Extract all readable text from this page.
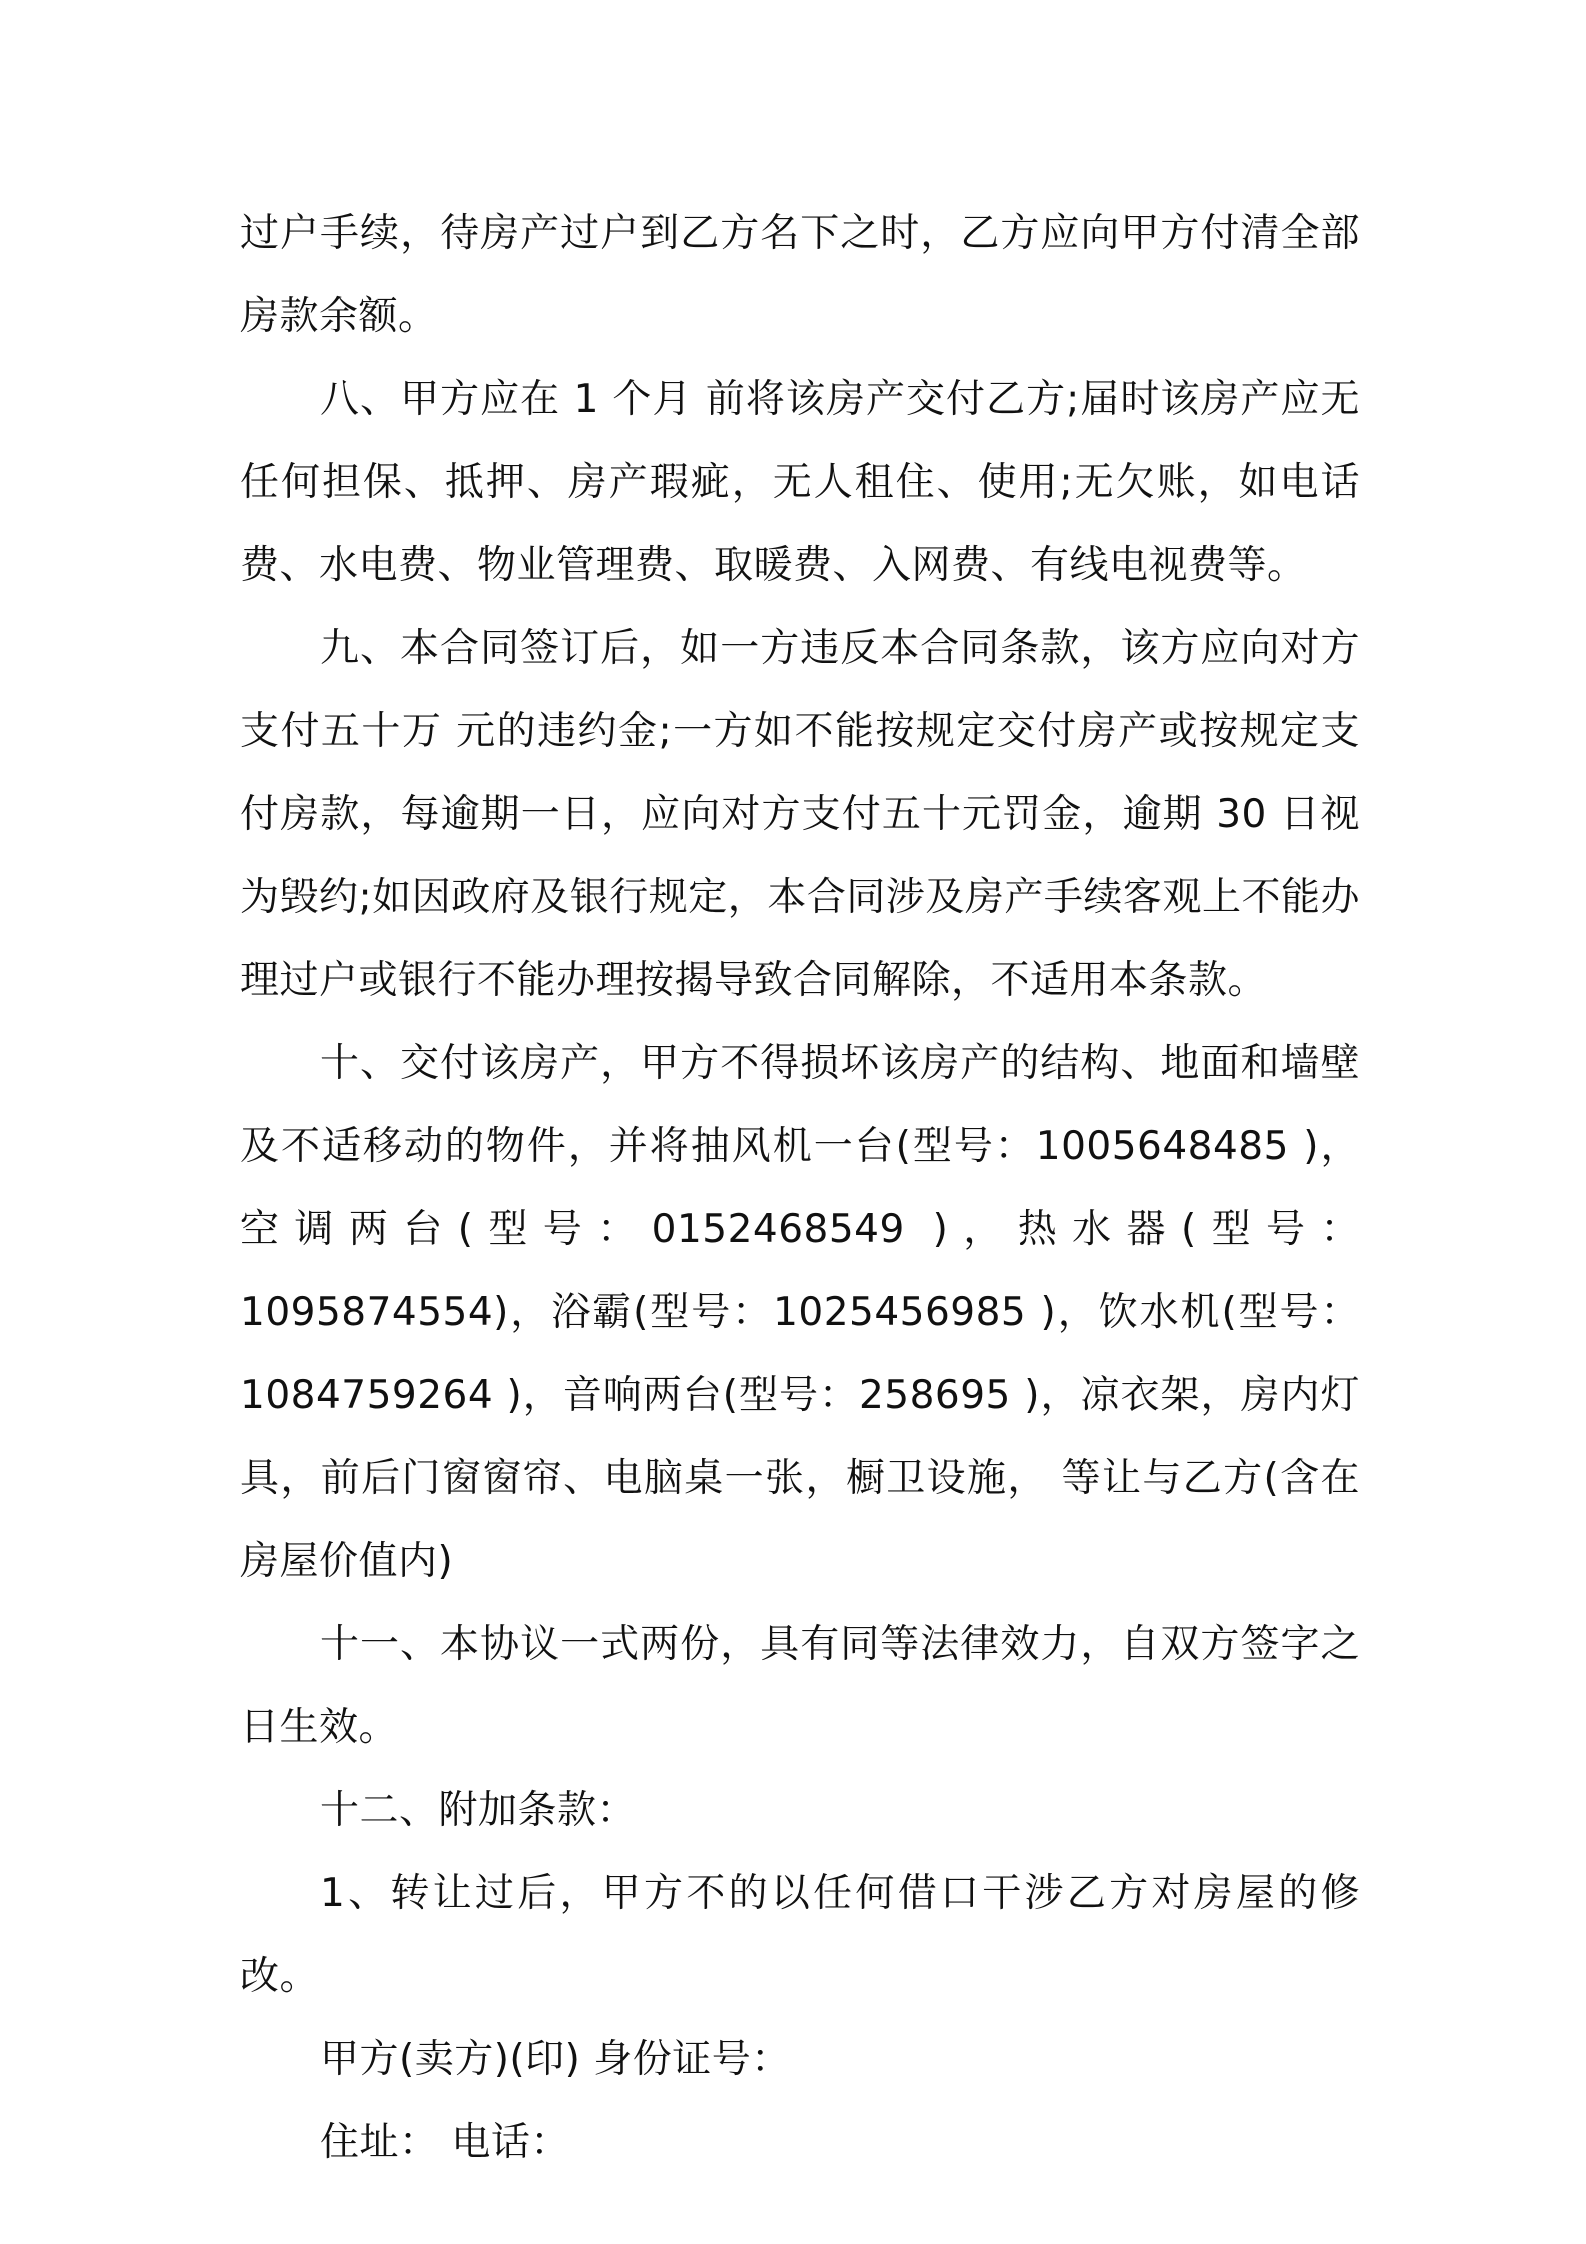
过户手续，待房产过户到乙方名下之时，乙方应向甲方付清全部房款余额。

八、甲方应在 1 个月 前将该房产交付乙方;届时该房产应无任何担保、抵押、房产瑕疵，无人租住、使用;无欠账，如电话费、水电费、物业管理费、取暖费、入网费、有线电视费等。

九、本合同签订后，如一方违反本合同条款，该方应向对方支付五十万 元的违约金;一方如不能按规定交付房产或按规定支付房款，每逾期一日，应向对方支付五十元罚金，逾期 30 日视为毁约;如因政府及银行规定，本合同涉及房产手续客观上不能办理过户或银行不能办理按揭导致合同解除，不适用本条款。

十、交付该房产，甲方不得损坏该房产的结构、地面和墙壁及不适移动的物件，并将抽风机一台(型号：1005648485 )，空调两台(型号：0152468549 )，热水器(型号：1095874554)，浴霸(型号：1025456985 )，饮水机(型号：1084759264 )，音响两台(型号：258695 )，凉衣架，房内灯具，前后门窗窗帘、电脑桌一张，橱卫设施， 等让与乙方(含在房屋价值内)

十一、本协议一式两份，具有同等法律效力，自双方签字之日生效。

十二、附加条款：

1、转让过后，甲方不的以任何借口干涉乙方对房屋的修改。

甲方(卖方)(印) 身份证号：

住址： 电话：
